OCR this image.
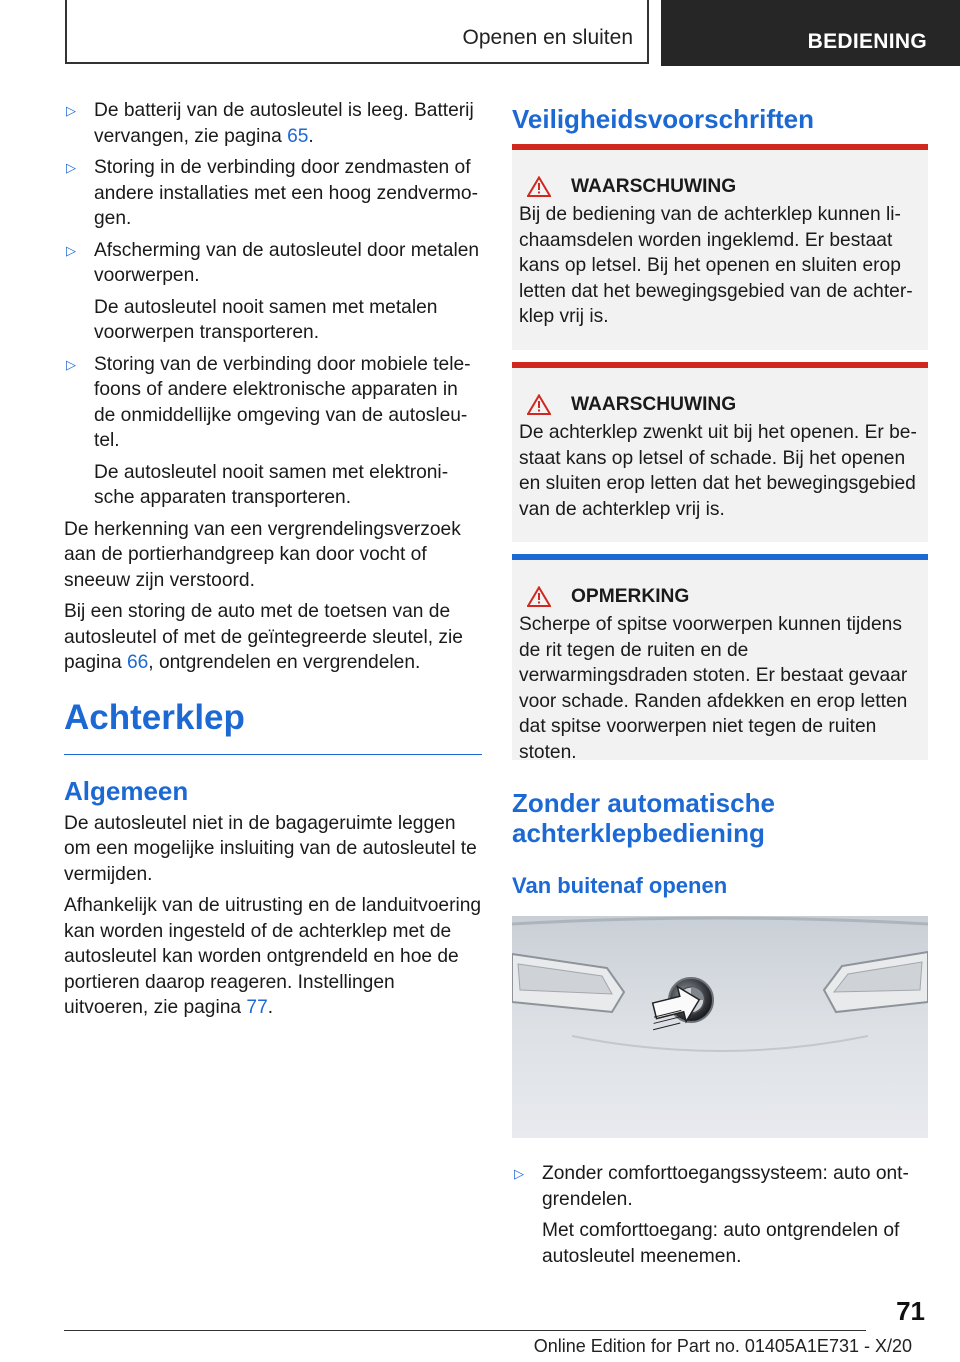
Openen en sluiten	BEDIENING
▷ De batterij van de autosleutel is leeg. Batterij vervangen, zie pagina 65.
▷ Storing in de verbinding door zendmasten of andere installaties met een hoog zendvermo-gen.
▷ Afscherming van de autosleutel door metalen voorwerpen.
De autosleutel nooit samen met metalen voorwerpen transporteren.
▷ Storing van de verbinding door mobiele tele-foons of andere elektronische apparaten in de onmiddellijke omgeving van de autosleu-tel.
De autosleutel nooit samen met elektroni-sche apparaten transporteren.
De herkenning van een vergrendelingsverzoek aan de portierhandgreep kan door vocht of sneeuw zijn verstoord.
Bij een storing de auto met de toetsen van de autosleutel of met de geïntegreerde sleutel, zie pagina 66, ontgrendelen en vergrendelen.
Achterklep
Algemeen
De autosleutel niet in de bagageruimte leggen om een mogelijke insluiting van de autosleutel te vermijden.
Afhankelijk van de uitrusting en de landuitvoering kan worden ingesteld of de achterklep met de autosleutel kan worden ontgrendeld en hoe de portieren daarop reageren. Instellingen uitvoeren, zie pagina 77.
Veiligheidsvoorschriften
WAARSCHUWING
Bij de bediening van de achterklep kunnen li-chaamsdelen worden ingeklemd. Er bestaat kans op letsel. Bij het openen en sluiten erop letten dat het bewegingsgebied van de achter-klep vrij is.
WAARSCHUWING
De achterklep zwenkt uit bij het openen. Er be-staat kans op letsel of schade. Bij het openen en sluiten erop letten dat het bewegingsgebied van de achterklep vrij is.
OPMERKING
Scherpe of spitse voorwerpen kunnen tijdens de rit tegen de ruiten en de verwarmingsdraden stoten. Er bestaat gevaar voor schade. Randen afdekken en erop letten dat spitse voorwerpen niet tegen de ruiten stoten.
Zonder automatische achterklepbediening
Van buitenaf openen
▷ Zonder comforttoegangssysteem: auto ont-grendelen.
Met comforttoegang: auto ontgrendelen of autosleutel meenemen.
71
Online Edition for Part no. 01405A1E731 - X/20
